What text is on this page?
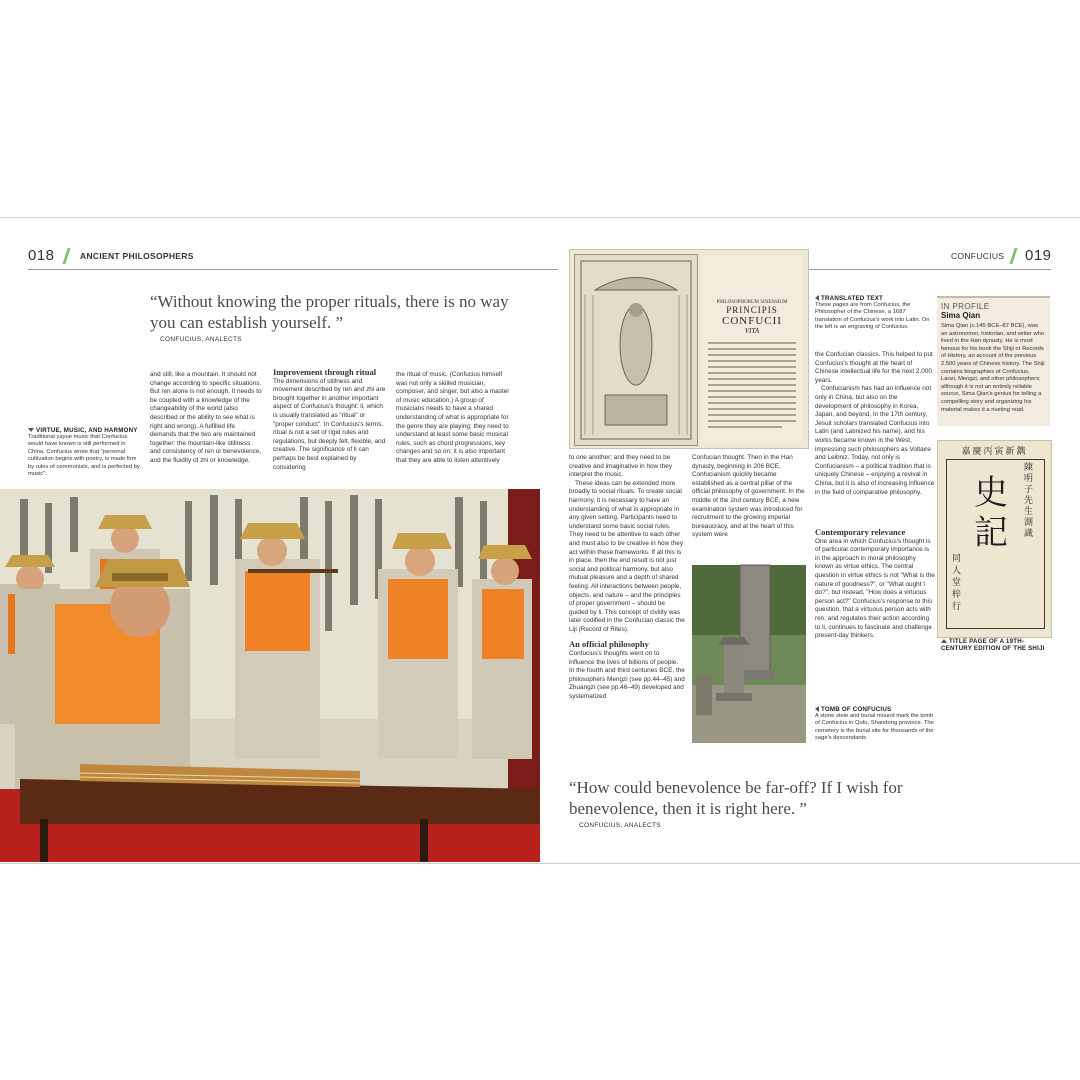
018	ANCIENT PHILOSOPHERS	CONFUCIUS 019
“Without knowing the proper rituals, there is no way you can establish yourself. ”
CONFUCIUS, ANALECTS
VIRTUE, MUSIC, AND HARMONY
Traditional yayue music that Confucius would have known is still performed in China. Confucius wrote that "personal cultivation begins with poetry, is made firm by rules of ceremonials, and is perfected by music".

and still, like a mountain. It should not change according to specific situations. But ren alone is not enough. It needs to be coupled with a knowledge of the changeability of the world (also described or the ability to see what is right and wrong). A fulfilled life demands that the two are maintained together: the mountain-like stillness and consistency of ren or benevolence, and the fluidity of zhi or knowledge.

Improvement through ritual

The dimensions of stillness and movement described by ren and zhi are brought together in another important aspect of Confucius's thought: li, which is usually translated as "ritual" or "proper conduct". In Confucius's terms, ritual is not a set of rigid rules and regulations, but deeply felt, flexible, and creative. The significance of li can perhaps be best explained by considering

the ritual of music. (Confucius himself was not only a skilled musician, composer, and singer, but also a master of music education.) A group of musicians needs to have a shared understanding of what is appropriate for the genre they are playing; they need to understand at least some basic musical rules, such as chord progressions, key changes and so on; it is also important that they are able to listen attentively

PHILOSOPHORUM SINENSIUM
PRINCIPIS
CONFUCII
VITA
TRANSLATED TEXT
These pages are from Confucius, the Philosopher of the Chinese, a 1687 translation of Confucius's work into Latin. On the left is an engraving of Confucius.

to one another; and they need to be creative and imaginative in how they interpret the music.

These ideas can be extended more broadly to social rituals. To create social harmony, it is necessary to have an understanding of what is appropriate in any given setting. Participants need to understand some basic social rules. They need to be attentive to each other and must also to be creative in how they act within these frameworks. If all this is in place, then the end result is not just social and political harmony, but also mutual pleasure and a depth of shared feeling. All interactions between people, objects, and nature – and the principles of proper government – should be guided by li. This concept of civility was later codified in the Confucian classic the Liji (Record of Rites).

An official philosophy

Confucius's thoughts went on to influence the lives of billions of people. In the fourth and third centuries BCE, the philosophers Mengzi (see pp.44–45) and Zhuangzi (see pp.46–49) developed and systematized

Confucian thought. Then in the Han dynasty, beginning in 206 BCE, Confucianism quickly became established as a central pillar of the official philosophy of government. In the middle of the 2nd century BCE, a new examination system was introduced for recruitment to the growing imperial bureaucracy, and at the heart of this system were

the Confucian classics. This helped to put Confucius's thought at the heart of Chinese intellectual life for the next 2,000 years.

Confucianism has had an influence not only in China, but also on the development of philosophy in Korea, Japan, and beyond. In the 17th century, Jesuit scholars translated Confucius into Latin (and Latinized his name), and his works became known in the West, impressing such philosophers as Voltaire and Leibniz. Today, not only is Confucianism – a political tradition that is uniquely Chinese – enjoying a revival in China, but it is also of increasing influence in the field of comparative philosophy.

Contemporary relevance

One area in which Confucius's thought is of particular contemporary importance is in the approach in moral philosophy known as virtue ethics. The central question in virtue ethics is not "What is the nature of goodness?", or "What ought I do?", but instead, "How does a virtuous person act?" Confucius's response to this question, that a virtuous person acts with ren, and regulates their action according to li, continues to fascinate and challenge present-day thinkers.

TOMB OF CONFUCIUS
A stone stele and burial mound mark the tomb of Confucius in Qufu, Shandong province. The cemetery is the burial site for thousands of the sage's descendants.
IN PROFILE
Sima Qian
Sima Qian (c.145 BCE–87 BCE), was an astronomer, historian, and writer who lived in the Han dynasty. He is most famous for his book the Shiji or Records of History, an account of the previous 2,500 years of Chinese history. The Shiji contains biographies of Confucius, Laozi, Mengzi, and other philosophers; although it is not an entirely reliable source, Sima Qian's genius for telling a compelling story and organizing his material makes it a riveting read.
嘉慶丙寅新鐫
史記
陳明子先生測識
同人堂梓行
TITLE PAGE OF A 19TH-CENTURY EDITION OF THE SHIJI
“How could benevolence be far-off? If I wish for benevolence, then it is right here. ”
CONFUCIUS, ANALECTS
